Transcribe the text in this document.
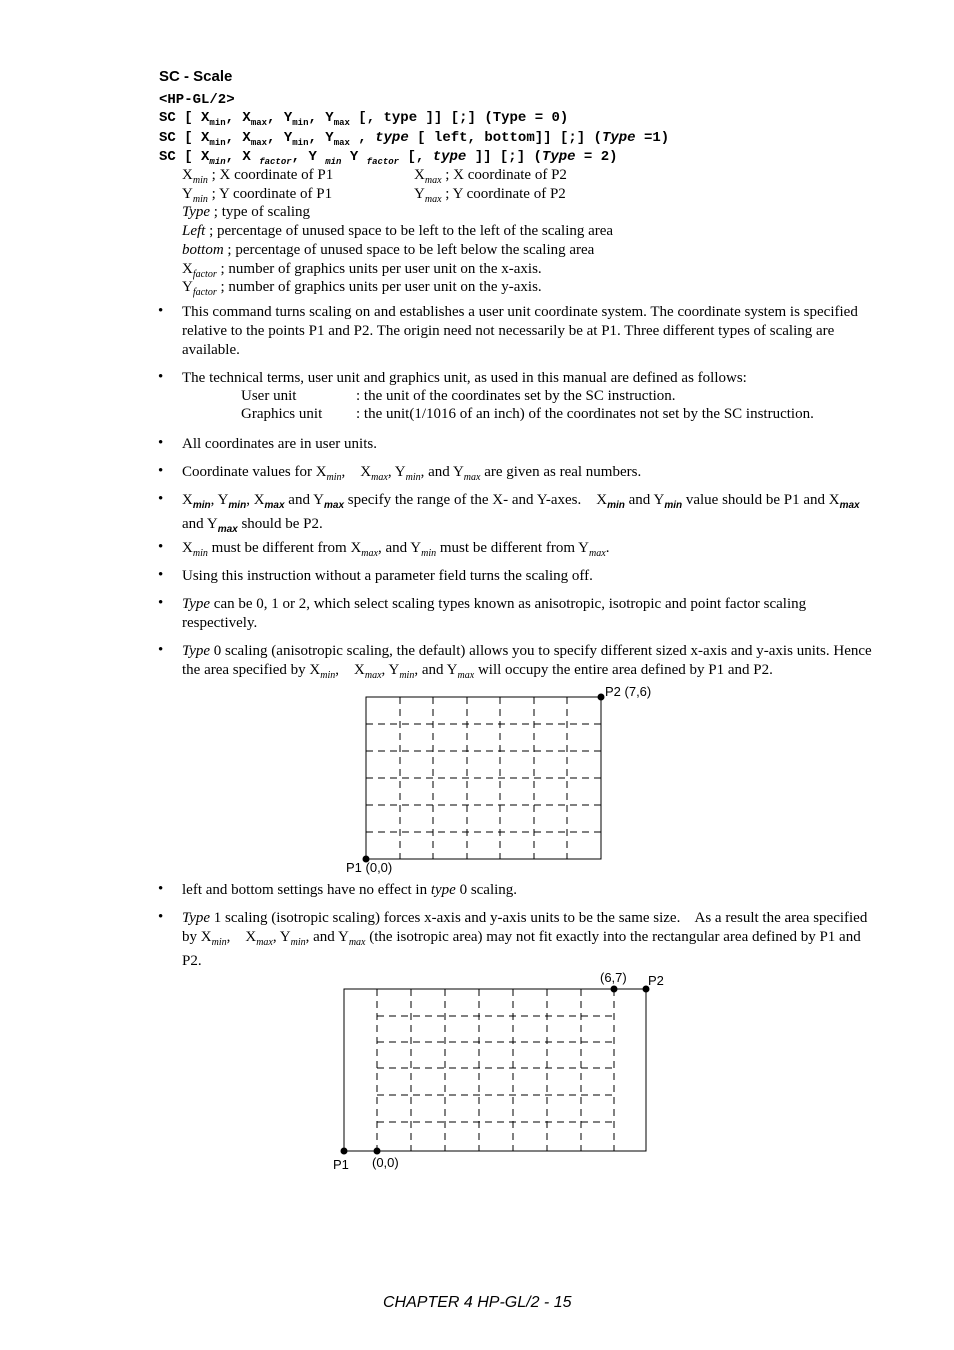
SC - Scale
<HP-GL/2>
SC [ $X_{min}$, $X_{max}$, $Y_{min}$, $Y_{max}$ [, type ]] [;] (Type = 0)
SC [ $X_{min}$, $X_{max}$, $Y_{min}$, $Y_{max}$ , type [ left, bottom]] [;] (Type =1)
SC [ $X_{min}$, X $_{factor}$, Y $_{min}$ Y $_{factor}$ [, type ]] [;] (Type = 2)
$X_{min}$ ; X coordinate of P1	$X_{max}$ ; X coordinate of P2
$Y_{min}$ ; Y coordinate of P1	$Y_{max}$ ; Y coordinate of P2
Type ; type of scaling
Left ; percentage of unused space to be left to the left of the scaling area
bottom ; percentage of unused space to be left below the scaling area
$X_{factor}$ ; number of graphics units per user unit on the x-axis.
$Y_{factor}$ ; number of graphics units per user unit on the y-axis.
• This command turns scaling on and establishes a user unit coordinate system. The coordinate system is specified relative to the points P1 and P2. The origin need not necessarily be at P1. Three different types of scaling are available.
• The technical terms, user unit and graphics unit, as used in this manual are defined as follows:
User unit	: the unit of the coordinates set by the SC instruction.
Graphics unit : the unit(1/1016 of an inch) of the coordinates not set by the SC instruction.
• All coordinates are in user units.
• Coordinate values for $X_{min}$,    $X_{max}$, $Y_{min}$, and $Y_{max}$ are given as real numbers.
• $X_{min}$, $Y_{min}$, $X_{max}$ and $Y_{max}$ specify the range of the X- and Y-axes.    $X_{min}$ and $Y_{min}$ value should be P1 and $X_{max}$ and $Y_{max}$ should be P2.
• $X_{min}$ must be different from $X_{max}$, and $Y_{min}$ must be different from $Y_{max}$.
• Using this instruction without a parameter field turns the scaling off.
• Type can be 0, 1 or 2, which select scaling types known as anisotropic, isotropic and point factor scaling respectively.
• Type 0 scaling (anisotropic scaling, the default) allows you to specify different sized x-axis and y-axis units. Hence the area specified by $X_{min}$,    $X_{max}$, $Y_{min}$, and $Y_{max}$ will occupy the entire area defined by P1 and P2.
P2 (7,6)
P1 (0,0)
• left and bottom settings have no effect in type 0 scaling.
• Type 1 scaling (isotropic scaling) forces x-axis and y-axis units to be the same size.    As a result the area specified by $X_{min}$,    $X_{max}$, $Y_{min}$, and $Y_{max}$ (the isotropic area) may not fit exactly into the rectangular area defined by P1 and P2.
(6,7) P2
P1 (0,0)
CHAPTER 4 HP-GL/2 - 15
